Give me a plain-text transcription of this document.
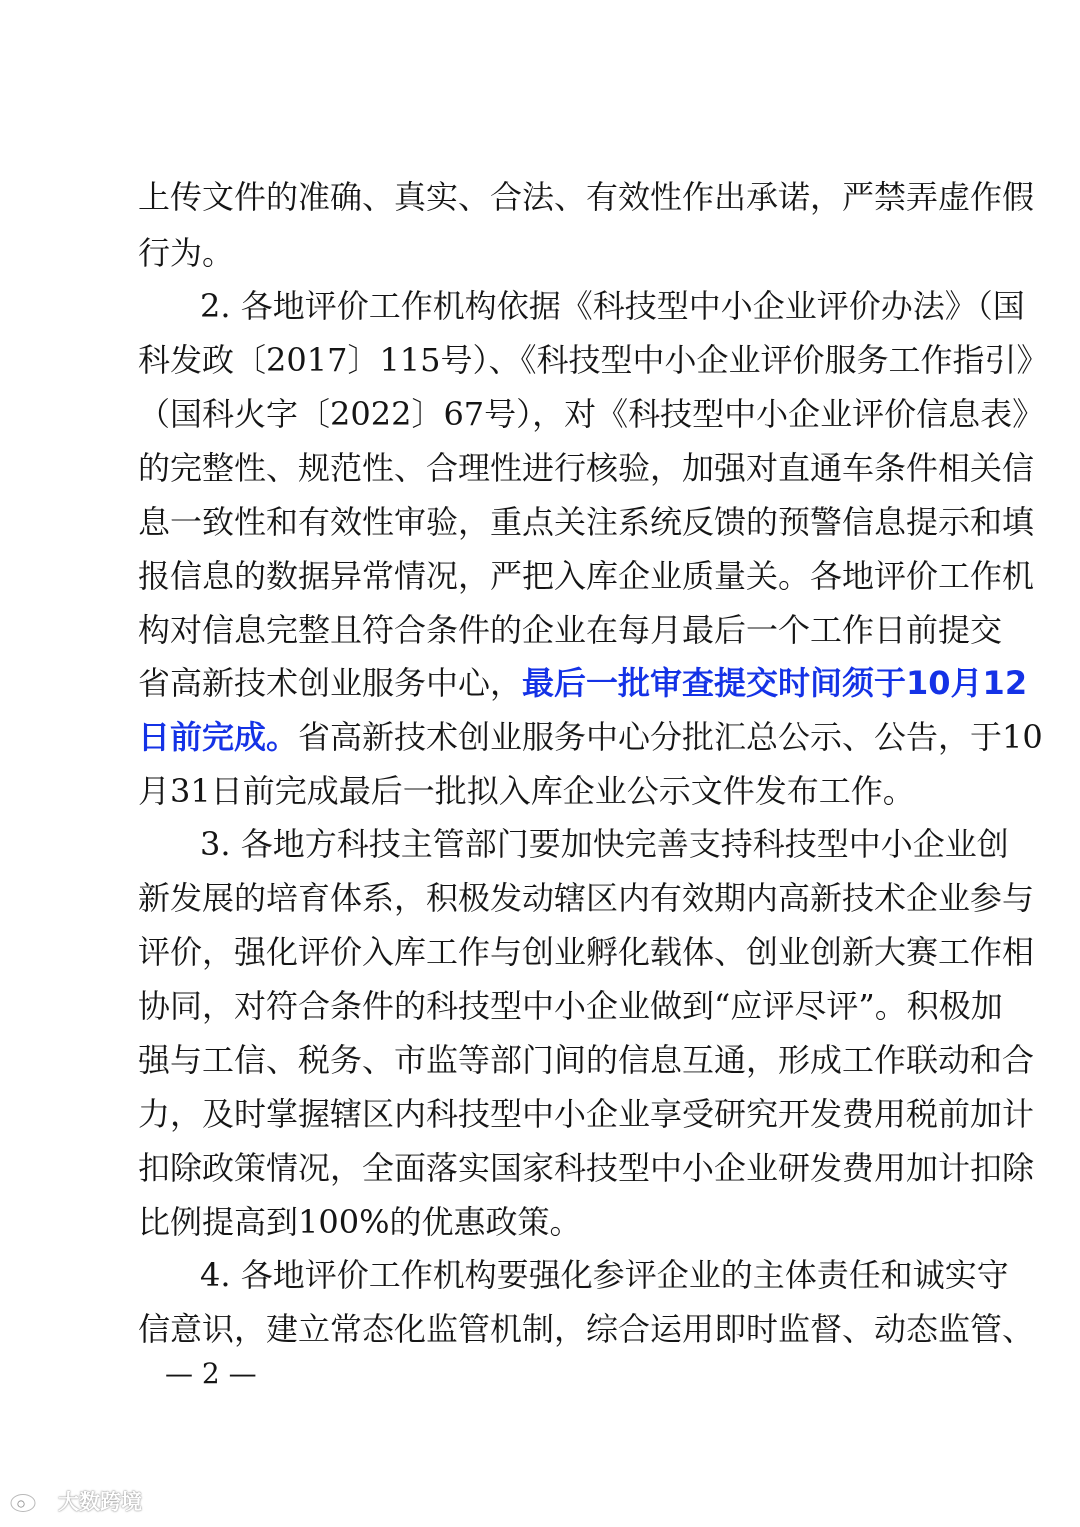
上传文件的准确、真实、合法、有效性作出承诺，严禁弄虚作假
行为。
2. 各地评价工作机构依据《科技型中小企业评价办法》（国
科发政〔2017〕115号）、《科技型中小企业评价服务工作指引》
（国科火字〔2022〕67号），对《科技型中小企业评价信息表》
的完整性、规范性、合理性进行核验，加强对直通车条件相关信
息一致性和有效性审验，重点关注系统反馈的预警信息提示和填
报信息的数据异常情况，严把入库企业质量关。各地评价工作机
构对信息完整且符合条件的企业在每月最后一个工作日前提交
省高新技术创业服务中心，最后一批审查提交时间须于10月12
日前完成。省高新技术创业服务中心分批汇总公示、公告，于10
月31日前完成最后一批拟入库企业公示文件发布工作。
3. 各地方科技主管部门要加快完善支持科技型中小企业创
新发展的培育体系，积极发动辖区内有效期内高新技术企业参与
评价，强化评价入库工作与创业孵化载体、创业创新大赛工作相
协同，对符合条件的科技型中小企业做到“应评尽评”。积极加
强与工信、税务、市监等部门间的信息互通，形成工作联动和合
力，及时掌握辖区内科技型中小企业享受研究开发费用税前加计
扣除政策情况，全面落实国家科技型中小企业研发费用加计扣除
比例提高到100%的优惠政策。
4. 各地评价工作机构要强化参评企业的主体责任和诚实守
信意识，建立常态化监管机制，综合运用即时监督、动态监管、
— 2 —
大数跨境
